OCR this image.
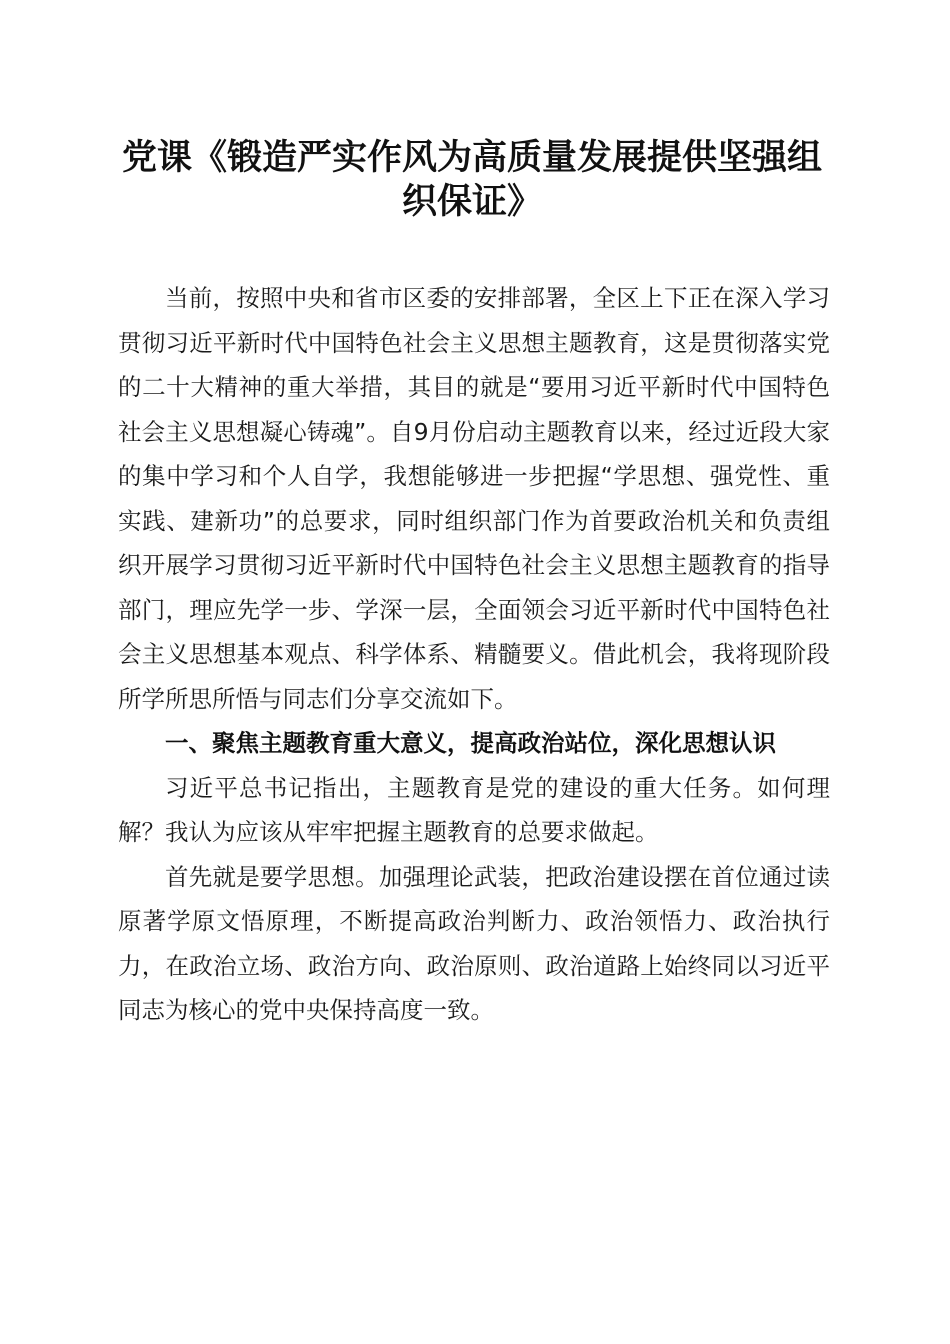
党课《锻造严实作风为高质量发展提供坚强组织保证》

当前，按照中央和省市区委的安排部署，全区上下正在深入学习贯彻习近平新时代中国特色社会主义思想主题教育，这是贯彻落实党的二十大精神的重大举措，其目的就是“要用习近平新时代中国特色社会主义思想凝心铸魂”。自9月份启动主题教育以来，经过近段大家的集中学习和个人自学，我想能够进一步把握“学思想、强党性、重实践、建新功”的总要求，同时组织部门作为首要政治机关和负责组织开展学习贯彻习近平新时代中国特色社会主义思想主题教育的指导部门，理应先学一步、学深一层，全面领会习近平新时代中国特色社会主义思想基本观点、科学体系、精髓要义。借此机会，我将现阶段所学所思所悟与同志们分享交流如下。

一、聚焦主题教育重大意义，提高政治站位，深化思想认识

习近平总书记指出，主题教育是党的建设的重大任务。如何理解？我认为应该从牢牢把握主题教育的总要求做起。

首先就是要学思想。加强理论武装，把政治建设摆在首位通过读原著学原文悟原理，不断提高政治判断力、政治领悟力、政治执行力，在政治立场、政治方向、政治原则、政治道路上始终同以习近平同志为核心的党中央保持高度一致。
